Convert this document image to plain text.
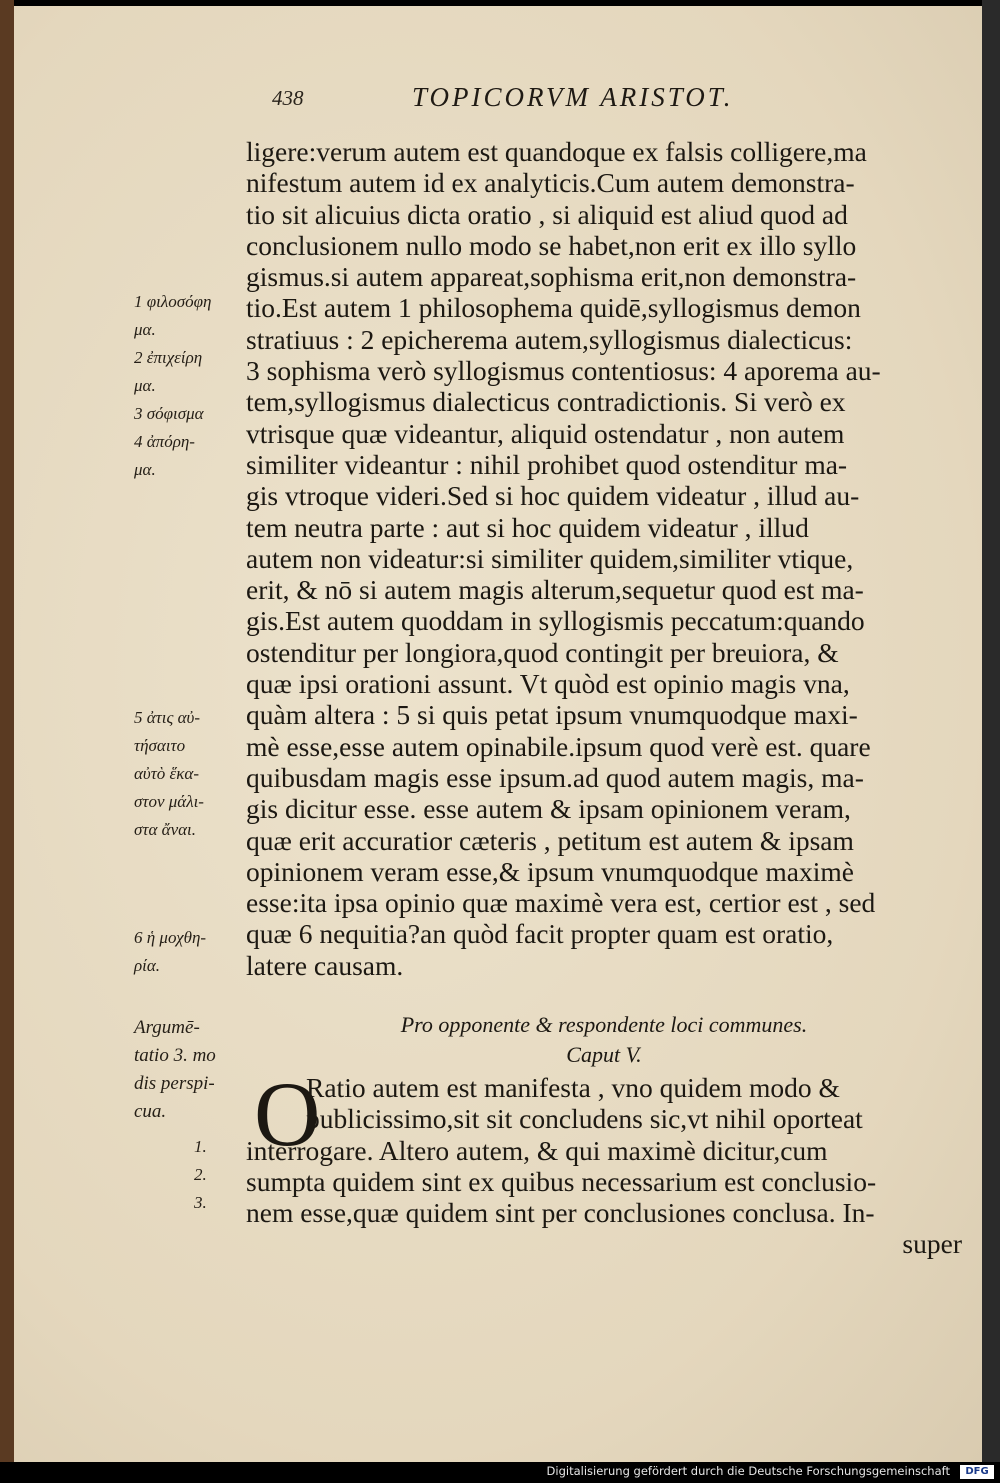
438	TOPICORVM ARISTOT.
ligere:verum autem est quandoque ex falsis colligere,ma
nifestum autem id ex analyticis.Cum autem demonstra-
tio sit alicuius dicta oratio , si aliquid est aliud quod ad
conclusionem nullo modo se habet,non erit ex illo syllo
gismus.si autem appareat,sophisma erit,non demonstra-
tio.Est autem 1 philosophema quidē,syllogismus demon
stratiuus : 2 epicherema autem,syllogismus dialecticus:
3 sophisma verò syllogismus contentiosus: 4 aporema au-
tem,syllogismus dialecticus contradictionis. Si verò ex
vtrisque quæ videantur, aliquid ostendatur , non autem
similiter videantur : nihil prohibet quod ostenditur ma-
gis vtroque videri.Sed si hoc quidem videatur , illud au-
tem neutra parte : aut si hoc quidem videatur , illud
autem non videatur:si similiter quidem,similiter vtique,
erit, & nō si autem magis alterum,sequetur quod est ma-
gis.Est autem quoddam in syllogismis peccatum:quando
ostenditur per longiora,quod contingit per breuiora, &
quæ ipsi orationi assunt. Vt quòd est opinio magis vna,
quàm altera : 5 si quis petat ipsum vnumquodque maxi-
mè esse,esse autem opinabile.ipsum quod verè est. quare
quibusdam magis esse ipsum.ad quod autem magis, ma-
gis dicitur esse. esse autem & ipsam opinionem veram,
quæ erit accuratior cæteris , petitum est autem & ipsam
opinionem veram esse,& ipsum vnumquodque maximè
esse:ita ipsa opinio quæ maximè vera est, certior est , sed
quæ 6 nequitia?an quòd facit propter quam est oratio,
latere causam.
1 φιλοσόφη
μα.
2 ἐπιχείρη
μα.
3 σόφισμα
4 ἀπόρη-
μα.
5 ἀτις αὐ-
τήσαιτο
αὐτὸ ἕκα-
στον μάλι-
στα ἄναι.
6 ἡ μοχθη-
ρία.
Argumē-
tatio 3. mo
dis perspi-
cua.
1.
2.
3.
Pro opponente & respondente loci communes.
Caput V.
O
Ratio autem est manifesta , vno quidem modo &
publicissimo,sit sit concludens sic,vt nihil oporteat
interrogare. Altero autem, & qui maximè dicitur,cum
sumpta quidem sint ex quibus necessarium est conclusio-
nem esse,quæ quidem sint per conclusiones conclusa. In-
super
Digitalisierung gefördert durch die Deutsche Forschungsgemeinschaft	DFG
